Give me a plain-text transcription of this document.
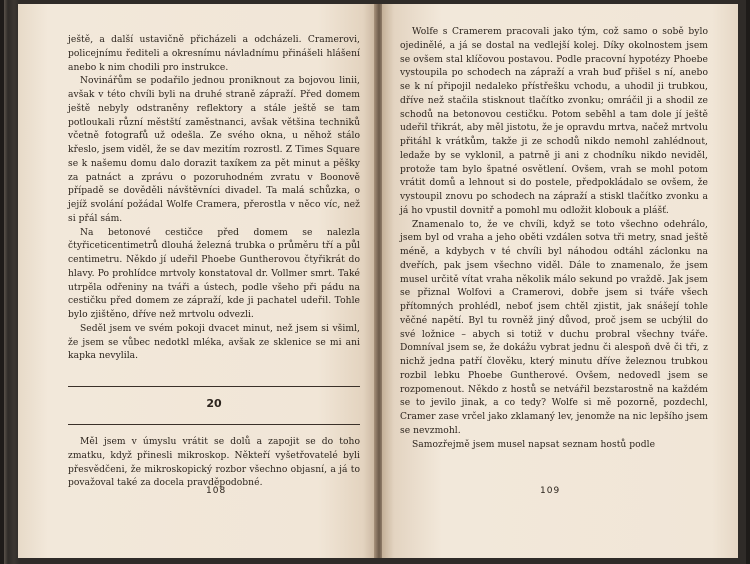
ještě, a další ustavičně přicházeli a odcházeli. Cramerovi, policejnímu řediteli a okresnímu návladnímu přinášeli hlášení anebo k nim chodili pro instrukce.

Novinářům se podařilo jednou proniknout za bojovou linii, avšak v této chvíli byli na druhé straně zápraží. Před domem ještě nebyly odstraněny reflektory a stále ještě se tam potloukali různí městští zaměstnanci, avšak většina techniků včetně fotografů už odešla. Ze svého okna, u něhož stálo křeslo, jsem viděl, že se dav mezitím rozrostl. Z Times Square se k našemu domu dalo dorazit taxíkem za pět minut a pěšky za patnáct a zprávu o pozoruhodném zvratu v Boonově případě se dověděli návštěvníci divadel. Ta malá schůzka, o jejíž svolání požádal Wolfe Cramera, přerostla v něco víc, než si přál sám.

Na betonové cestičce před domem se nalezla čtyřiceticentimetrů dlouhá železná trubka o průměru tří a půl centimetru. Někdo jí udeřil Phoebe Guntherovou čtyřikrát do hlavy. Po prohlídce mrtvoly konstatoval dr. Vollmer smrt. Také utrpěla odřeniny na tváři a ústech, podle všeho při pádu na cestičku před domem ze zápraží, kde ji pachatel udeřil. Tohle bylo zjištěno, dříve než mrtvolu odvezli.

Seděl jsem ve svém pokoji dvacet minut, než jsem si všiml, že jsem se vůbec nedotkl mléka, avšak ze sklenice se mi ani kapka nevylila.

20

Měl jsem v úmyslu vrátit se dolů a zapojit se do toho zmatku, když přinesli mikroskop. Někteří vyšetřovatelé byli přesvědčeni, že mikroskopický rozbor všechno objasní, a já to považoval také za docela pravděpodobné.

108

Wolfe s Cramerem pracovali jako tým, což samo o sobě bylo ojedinělé, a já se dostal na vedlejší kolej. Díky okolnostem jsem se ovšem stal klíčovou postavou. Podle pracovní hypotézy Phoebe vystoupila po schodech na zápraží a vrah buď přišel s ní, anebo se k ní připojil nedaleko přístřešku vchodu, a uhodil ji trubkou, dříve než stačila stisknout tlačítko zvonku; omráčil ji a shodil ze schodů na betonovou cestičku. Potom seběhl a tam dole jí ještě udeřil třikrát, aby měl jistotu, že je opravdu mrtva, načež mrtvolu přitáhl k vrátkům, takže ji ze schodů nikdo nemohl zahlédnout, ledaže by se vyklonil, a patrně ji ani z chodníku nikdo neviděl, protože tam bylo špatné osvětlení. Ovšem, vrah se mohl potom vrátit domů a lehnout si do postele, předpokládalo se ovšem, že vystoupil znovu po schodech na zápraží a stiskl tlačítko zvonku a já ho vpustil dovnitř a pomohl mu odložit klobouk a plášť.

Znamenalo to, že ve chvíli, když se toto všechno odehrálo, jsem byl od vraha a jeho oběti vzdálen sotva tři metry, snad ještě méně, a kdybych v té chvíli byl náhodou odtáhl záclonku na dveřích, pak jsem všechno viděl. Dále to znamenalo, že jsem musel určitě vítat vraha několik málo sekund po vraždě. Jak jsem se přiznal Wolfovi a Cramerovi, dobře jsem si tváře všech přítomných prohlédl, neboť jsem chtěl zjistit, jak snášejí tohle věčné napětí. Byl tu rovněž jiný důvod, proč jsem se ucbýlil do své ložnice – abych si totiž v duchu probral všechny tváře. Domníval jsem se, že dokážu vybrat jednu či alespoň dvě či tři, z nichž jedna patří člověku, který minutu dříve železnou trubkou rozbil lebku Phoebe Guntherové. Ovšem, nedovedl jsem se rozpomenout. Někdo z hostů se netvářil bezstarostně na každém se to jevilo jinak, a co tedy? Wolfe si mě pozorně, pozdechl, Cramer zase vrčel jako zklamaný lev, jenomže na nic lepšího jsem se nevzmohl.

Samozřejmě jsem musel napsat seznam hostů podle

109
